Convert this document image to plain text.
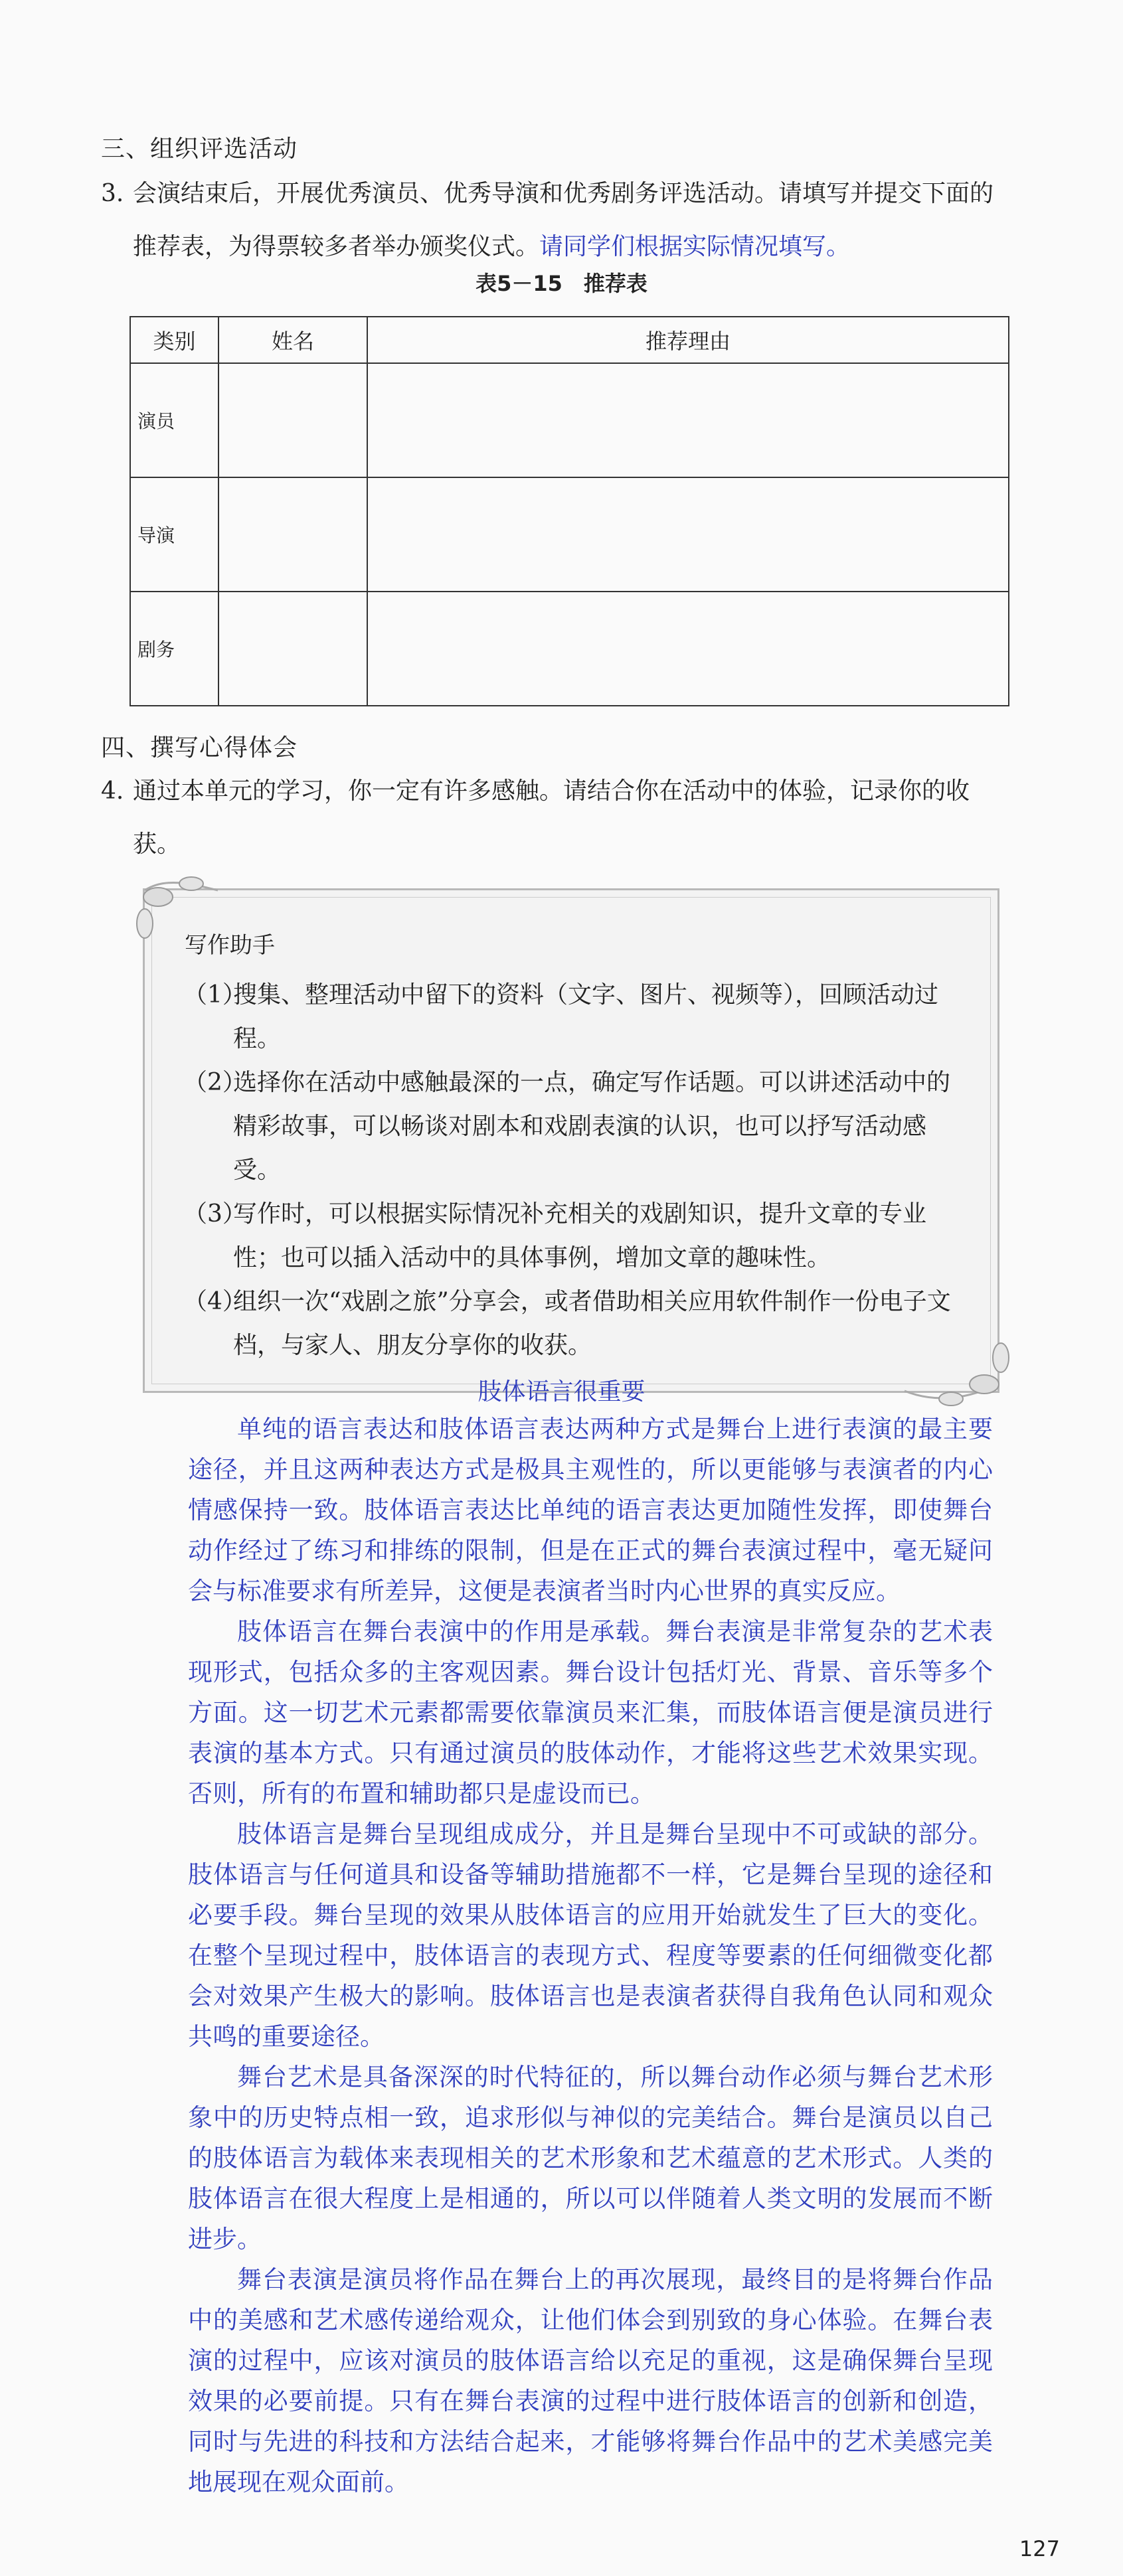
三、组织评选活动
3. 会演结束后，开展优秀演员、优秀导演和优秀剧务评选活动。请填写并提交下面的推荐表，为得票较多者举办颁奖仪式。请同学们根据实际情况填写。
表5－15　推荐表
类别	姓名	推荐理由
演员		
导演		
剧务		
四、撰写心得体会
4. 通过本单元的学习，你一定有许多感触。请结合你在活动中的体验，记录你的收获。
写作助手
（1）
搜集、整理活动中留下的资料（文字、图片、视频等），回顾活动过程。
（2）
选择你在活动中感触最深的一点，确定写作话题。可以讲述活动中的精彩故事，可以畅谈对剧本和戏剧表演的认识，也可以抒写活动感受。
（3）
写作时，可以根据实际情况补充相关的戏剧知识，提升文章的专业性；也可以插入活动中的具体事例，增加文章的趣味性。
（4）
组织一次“戏剧之旅”分享会，或者借助相关应用软件制作一份电子文档，与家人、朋友分享你的收获。
肢体语言很重要

单纯的语言表达和肢体语言表达两种方式是舞台上进行表演的最主要途径，并且这两种表达方式是极具主观性的，所以更能够与表演者的内心情感保持一致。肢体语言表达比单纯的语言表达更加随性发挥，即使舞台动作经过了练习和排练的限制，但是在正式的舞台表演过程中，毫无疑问会与标准要求有所差异，这便是表演者当时内心世界的真实反应。

肢体语言在舞台表演中的作用是承载。舞台表演是非常复杂的艺术表现形式，包括众多的主客观因素。舞台设计包括灯光、背景、音乐等多个方面。这一切艺术元素都需要依靠演员来汇集，而肢体语言便是演员进行表演的基本方式。只有通过演员的肢体动作，才能将这些艺术效果实现。否则，所有的布置和辅助都只是虚设而已。

肢体语言是舞台呈现组成成分，并且是舞台呈现中不可或缺的部分。肢体语言与任何道具和设备等辅助措施都不一样，它是舞台呈现的途径和必要手段。舞台呈现的效果从肢体语言的应用开始就发生了巨大的变化。在整个呈现过程中，肢体语言的表现方式、程度等要素的任何细微变化都会对效果产生极大的影响。肢体语言也是表演者获得自我角色认同和观众共鸣的重要途径。

舞台艺术是具备深深的时代特征的，所以舞台动作必须与舞台艺术形象中的历史特点相一致，追求形似与神似的完美结合。舞台是演员以自己的肢体语言为载体来表现相关的艺术形象和艺术蕴意的艺术形式。人类的肢体语言在很大程度上是相通的，所以可以伴随着人类文明的发展而不断进步。

舞台表演是演员将作品在舞台上的再次展现，最终目的是将舞台作品中的美感和艺术感传递给观众，让他们体会到别致的身心体验。在舞台表演的过程中，应该对演员的肢体语言给以充足的重视，这是确保舞台呈现效果的必要前提。只有在舞台表演的过程中进行肢体语言的创新和创造，同时与先进的科技和方法结合起来，才能够将舞台作品中的艺术美感完美地展现在观众面前。

127
